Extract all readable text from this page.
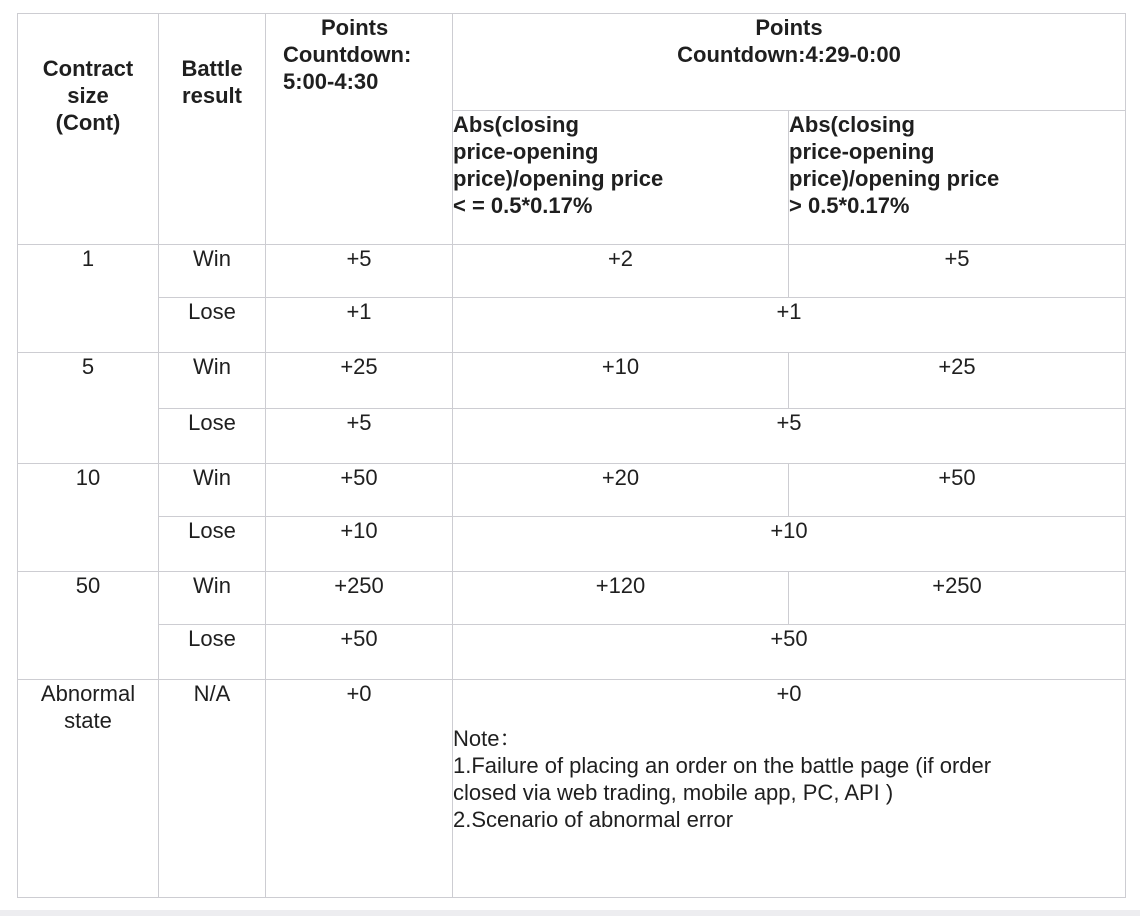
Contract
size
(Cont)	Battle
result	Points
Countdown:
5:00-4:30	Points
Countdown:4:29-0:00	
			Abs(closing
price-opening
price)/opening price
< = 0.5*0.17%	Abs(closing
price-opening
price)/opening price
> 0.5*0.17%
1	Win	+5	+2	+5
	Lose	+1	+1	
5	Win	+25	+10	+25
	Lose	+5	+5	
10	Win	+50	+20	+50
	Lose	+10	+10	
50	Win	+250	+120	+250
	Lose	+50	+50	
Abnormal
state	N/A	+0	+0
Note：
1.Failure of placing an order on the battle page (if order
closed via web trading, mobile app, PC, API )
2.Scenario of abnormal error	
